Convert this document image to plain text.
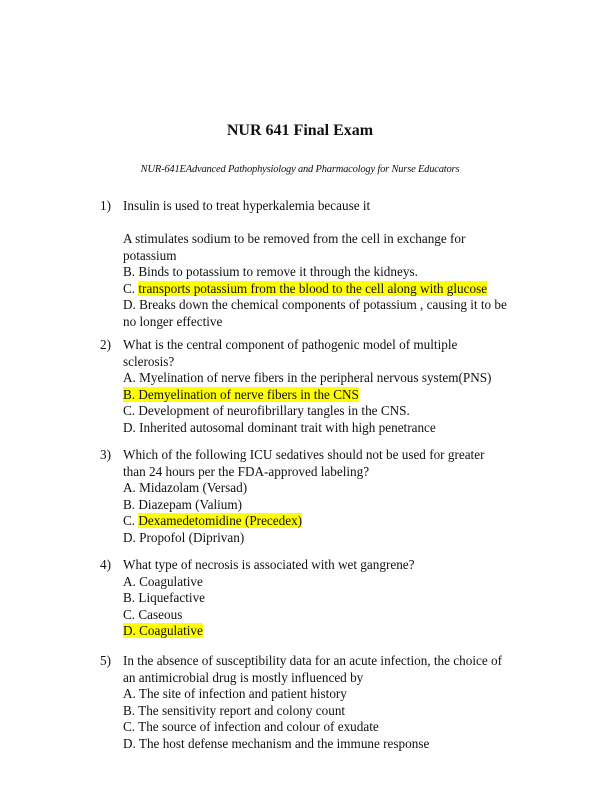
NUR 641 Final Exam
NUR-641EAdvanced Pathophysiology and Pharmacology for Nurse Educators
1) Insulin is used to treat hyperkalemia because it
A stimulates sodium to be removed from the cell in exchange for potassium
B. Binds to potassium to remove it through the kidneys.
C. transports potassium from the blood to the cell along with glucose
D. Breaks down the chemical components of potassium , causing it to be no longer effective
2) What is the central component of pathogenic model of multiple sclerosis?
A. Myelination of nerve fibers in the peripheral nervous system(PNS)
B. Demyelination of nerve fibers in the CNS
C. Development of neurofibrillary tangles in the CNS.
D. Inherited autosomal dominant trait with high penetrance
3) Which of the following ICU sedatives should not be used for greater than 24 hours per the FDA-approved labeling?
A. Midazolam (Versad)
B. Diazepam (Valium)
C. Dexamedetomidine (Precedex)
D. Propofol (Diprivan)
4) What type of necrosis is associated with wet gangrene?
A. Coagulative
B. Liquefactive
C. Caseous
D. Coagulative
5) In the absence of susceptibility data for an acute infection, the choice of an antimicrobial drug is mostly influenced by
A. The site of infection and patient history
B. The sensitivity report and colony count
C. The source of infection and colour of exudate
D. The host defense mechanism and the immune response
